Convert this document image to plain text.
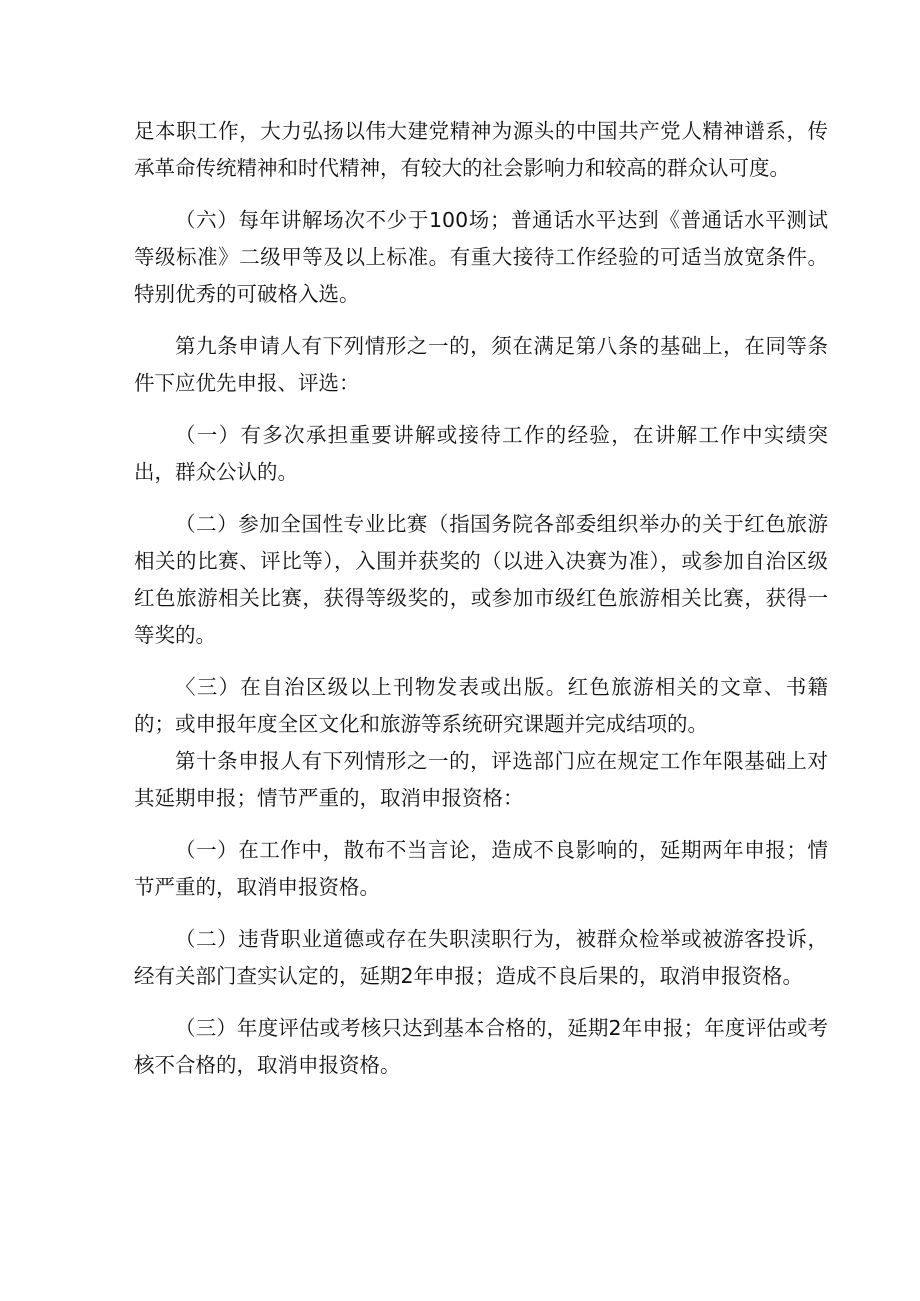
足本职工作，大力弘扬以伟大建党精神为源头的中国共产党人精神谱系，传承革命传统精神和时代精神，有较大的社会影响力和较高的群众认可度。

（六）每年讲解场次不少于100场；普通话水平达到《普通话水平测试等级标准》二级甲等及以上标准。有重大接待工作经验的可适当放宽条件。特别优秀的可破格入选。

第九条申请人有下列情形之一的，须在满足第八条的基础上，在同等条件下应优先申报、评选：

（一）有多次承担重要讲解或接待工作的经验，在讲解工作中实绩突出，群众公认的。

（二）参加全国性专业比赛（指国务院各部委组织举办的关于红色旅游相关的比赛、评比等），入围并获奖的（以进入决赛为准），或参加自治区级红色旅游相关比赛，获得等级奖的，或参加市级红色旅游相关比赛，获得一等奖的。

〈三）在自治区级以上刊物发表或出版。红色旅游相关的文章、书籍的；或申报年度全区文化和旅游等系统研究课题并完成结项的。

第十条申报人有下列情形之一的，评选部门应在规定工作年限基础上对其延期申报；情节严重的，取消申报资格：

（一）在工作中，散布不当言论，造成不良影响的，延期两年申报；情节严重的，取消申报资格。

（二）违背职业道德或存在失职渎职行为，被群众检举或被游客投诉，经有关部门查实认定的，延期2年申报；造成不良后果的，取消申报资格。

（三）年度评估或考核只达到基本合格的，延期2年申报；年度评估或考核不合格的，取消申报资格。
